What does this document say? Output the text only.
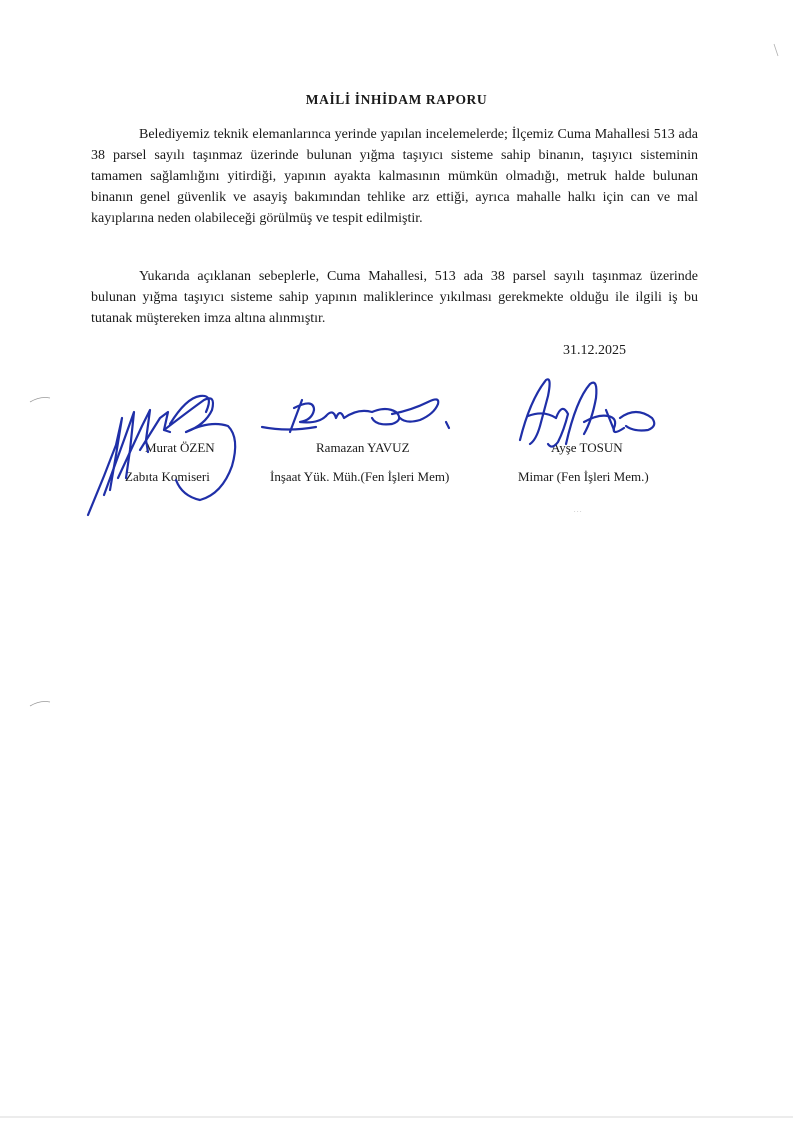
. . .
MAİLİ İNHİDAM RAPORU

Belediyemiz teknik elemanlarınca yerinde yapılan incelemelerde; İlçemiz Cuma Mahallesi 513 ada 38 parsel sayılı taşınmaz üzerinde bulunan yığma taşıyıcı sisteme sahip binanın, taşıyıcı sisteminin tamamen sağlamlığını yitirdiği, yapının ayakta kalmasının mümkün olmadığı, metruk halde bulunan binanın genel güvenlik ve asayiş bakımından tehlike arz ettiği, ayrıca mahalle halkı için can ve mal kayıplarına neden olabileceği görülmüş ve tespit edilmiştir.

Yukarıda açıklanan sebeplerle, Cuma Mahallesi, 513 ada 38 parsel sayılı taşınmaz üzerinde bulunan yığma taşıyıcı sisteme sahip yapının maliklerince yıkılması gerekmekte olduğu ile ilgili iş bu tutanak müştereken imza altına alınmıştır.

31.12.2025
Murat ÖZEN
Zabıta Komiseri
Ramazan YAVUZ
İnşaat Yük. Müh.(Fen İşleri Mem)
Ayşe TOSUN
Mimar (Fen İşleri Mem.)
